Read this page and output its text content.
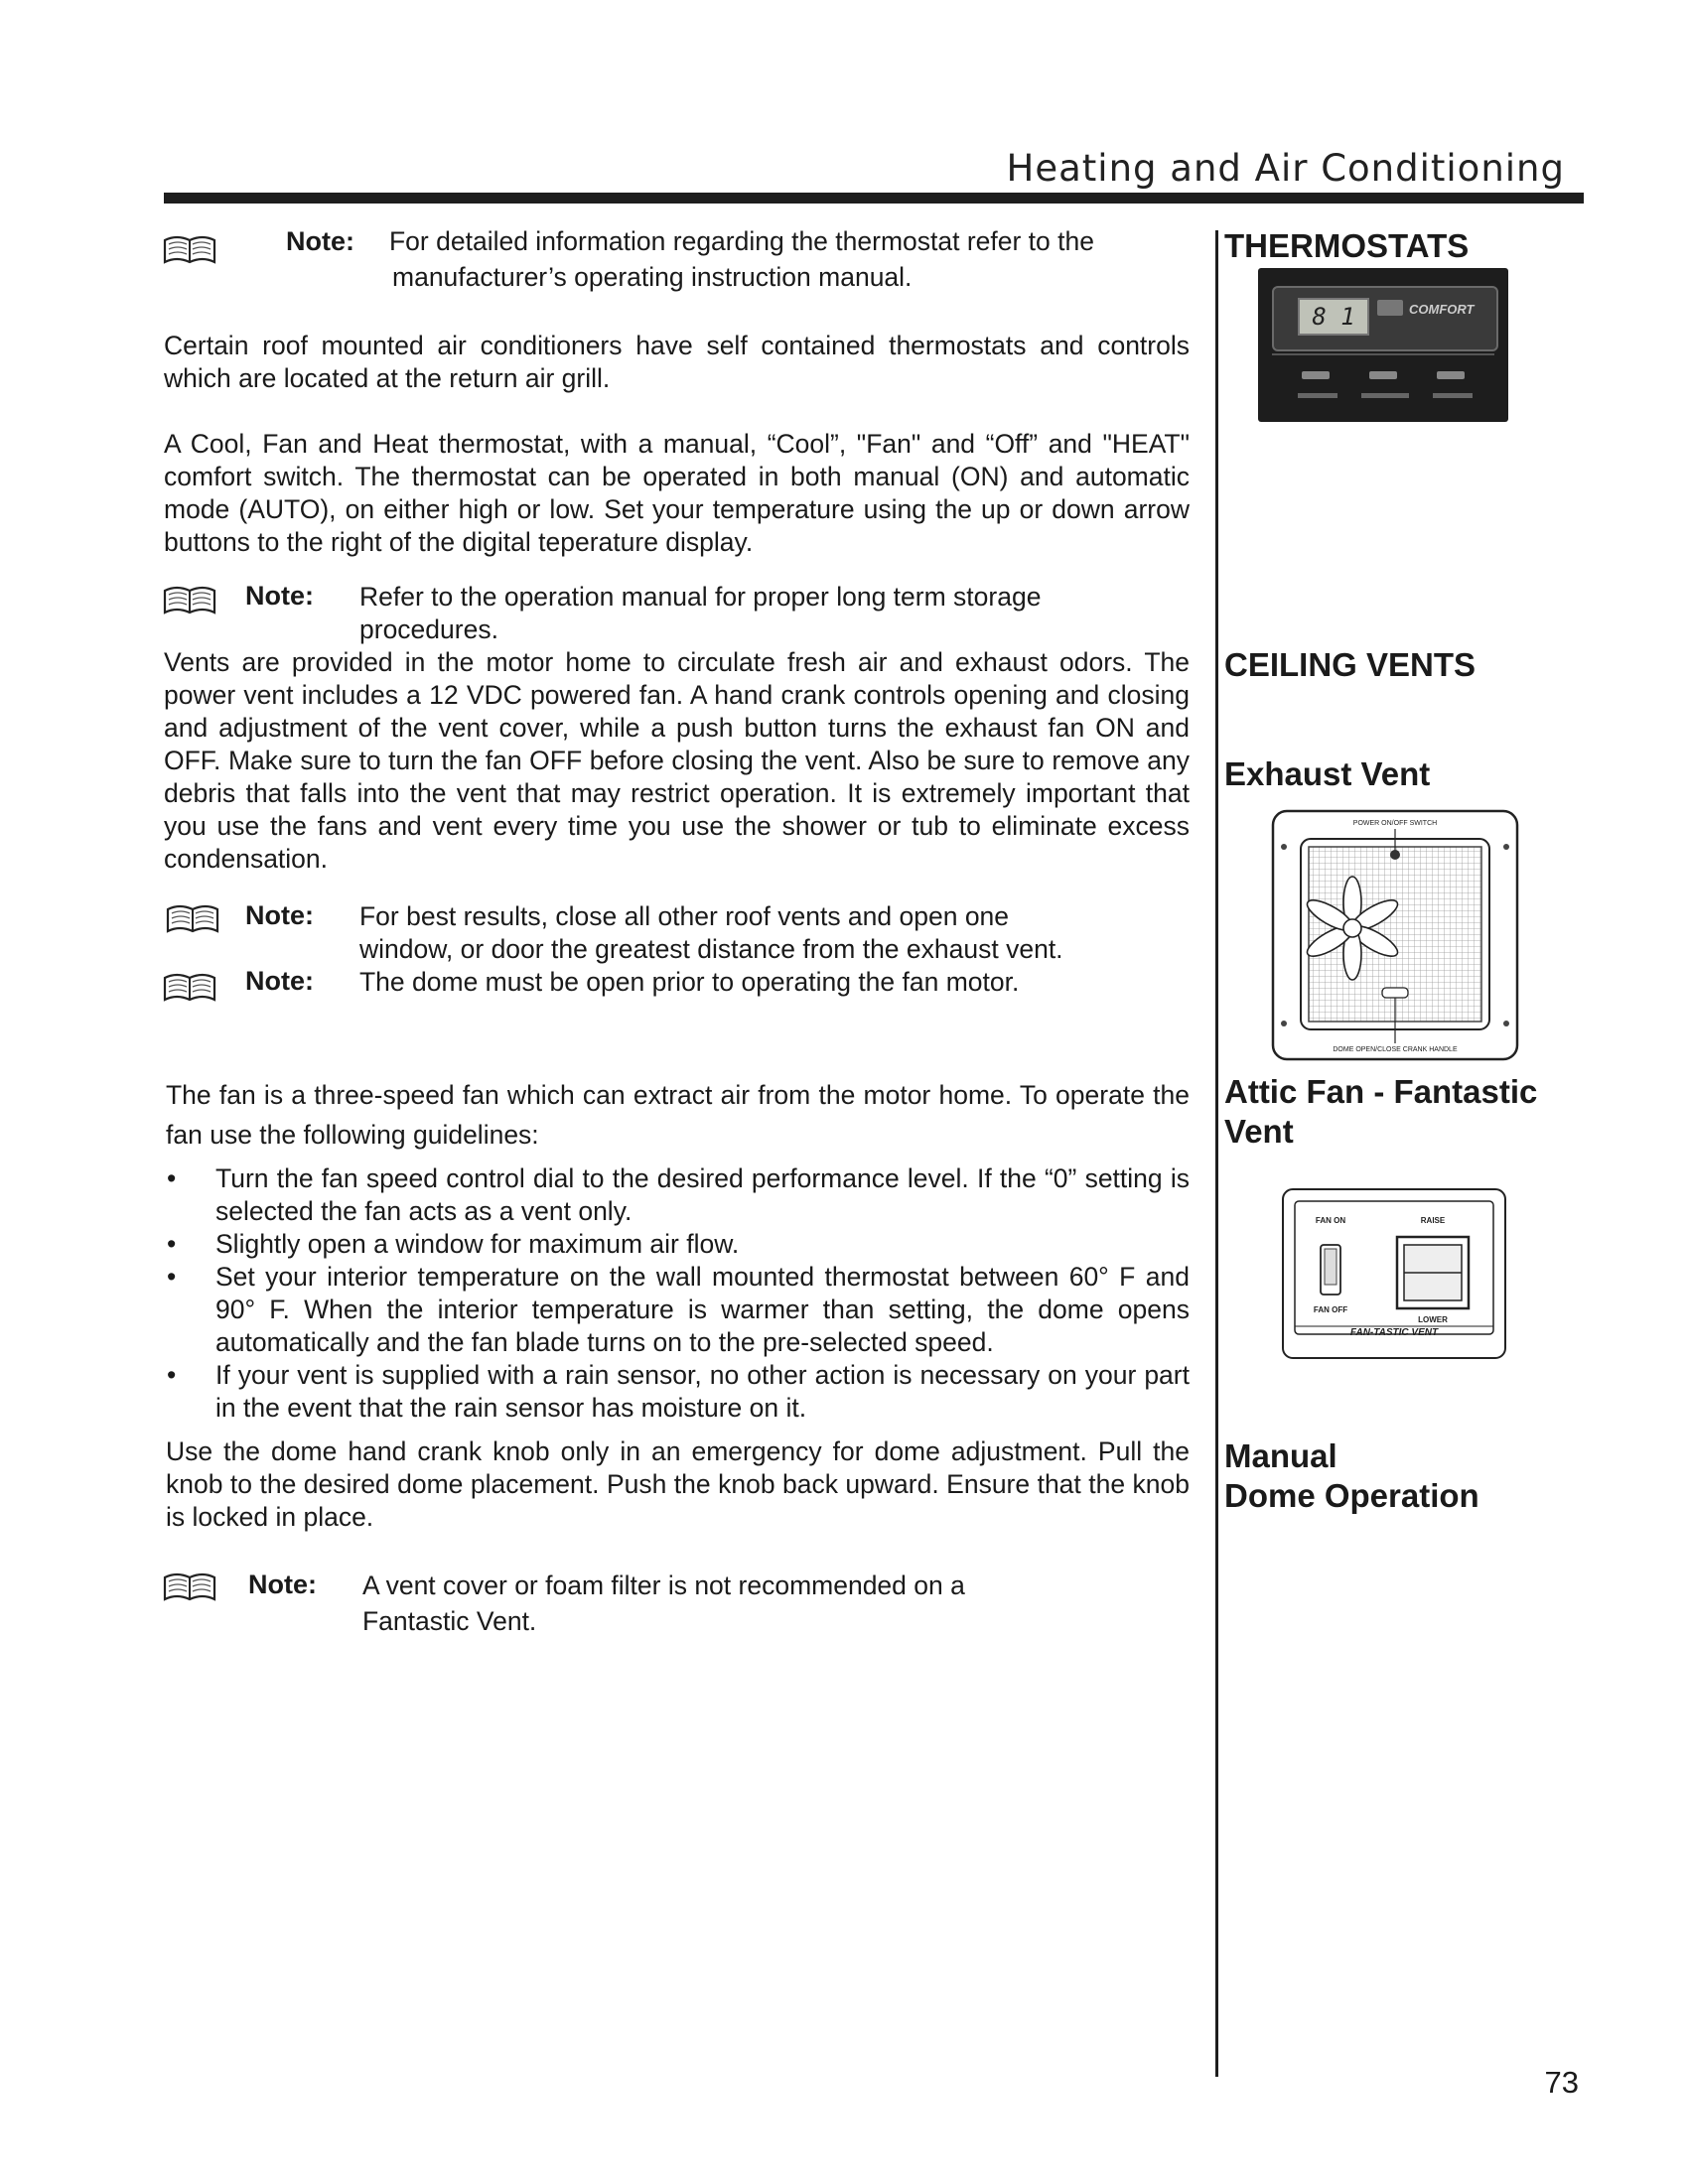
Heating and Air Conditioning
Note: For detailed information regarding the thermostat refer to the
manufacturer’s operating instruction manual.

Certain roof mounted air conditioners have self contained thermostats and controls which are located at the return air grill.

A Cool, Fan and Heat thermostat, with a manual, “Cool”, "Fan" and “Off” and "HEAT" comfort switch. The thermostat can be operated in both manual (ON) and automatic mode (AUTO), on either high or low. Set your temperature using the up or down arrow buttons to the right of the digital teperature display.

Note: Refer to the operation manual for proper long term storage
procedures.

Vents are provided in the motor home to circulate fresh air and exhaust odors. The power vent includes a 12 VDC powered fan. A hand crank controls opening and closing and adjustment of the vent cover, while a push button turns the exhaust fan ON and OFF. Make sure to turn the fan OFF before closing the vent. Also be sure to remove any debris that falls into the vent that may restrict operation. It is extremely important that you use the fans and vent every time you use the shower or tub to eliminate excess condensation.

Note: For best results, close all other roof vents and open one
window, or door the greatest distance from the exhaust vent.
Note: The dome must be open prior to operating the fan motor.

The fan is a three-speed fan which can extract air from the motor home. To operate the fan use the following guidelines:

• Turn the fan speed control dial to the desired performance level. If the “0” setting is selected the fan acts as a vent only.
• Slightly open a window for maximum air flow.
• Set your interior temperature on the wall mounted thermostat between 60° F and 90° F. When the interior temperature is warmer than setting, the dome opens automatically and the fan blade turns on to the pre-selected speed.
• If your vent is supplied with a rain sensor, no other action is necessary on your part in the event that the rain sensor has moisture on it.

Use the dome hand crank knob only in an emergency for dome adjustment. Pull the knob to the desired dome placement. Push the knob back upward. Ensure that the knob is locked in place.

Note: A vent cover or foam filter is not recommended on a
Fantastic Vent.
THERMOSTATS
CEILING VENTS
Exhaust Vent
Attic Fan - Fantastic
Vent
Manual
Dome Operation
8 1	COMFORT
POWER ON/OFF SWITCH
DOME OPEN/CLOSE CRANK HANDLE
FAN ON	RAISE
FAN OFF
LOWER
FAN-TASTIC VENT
73
